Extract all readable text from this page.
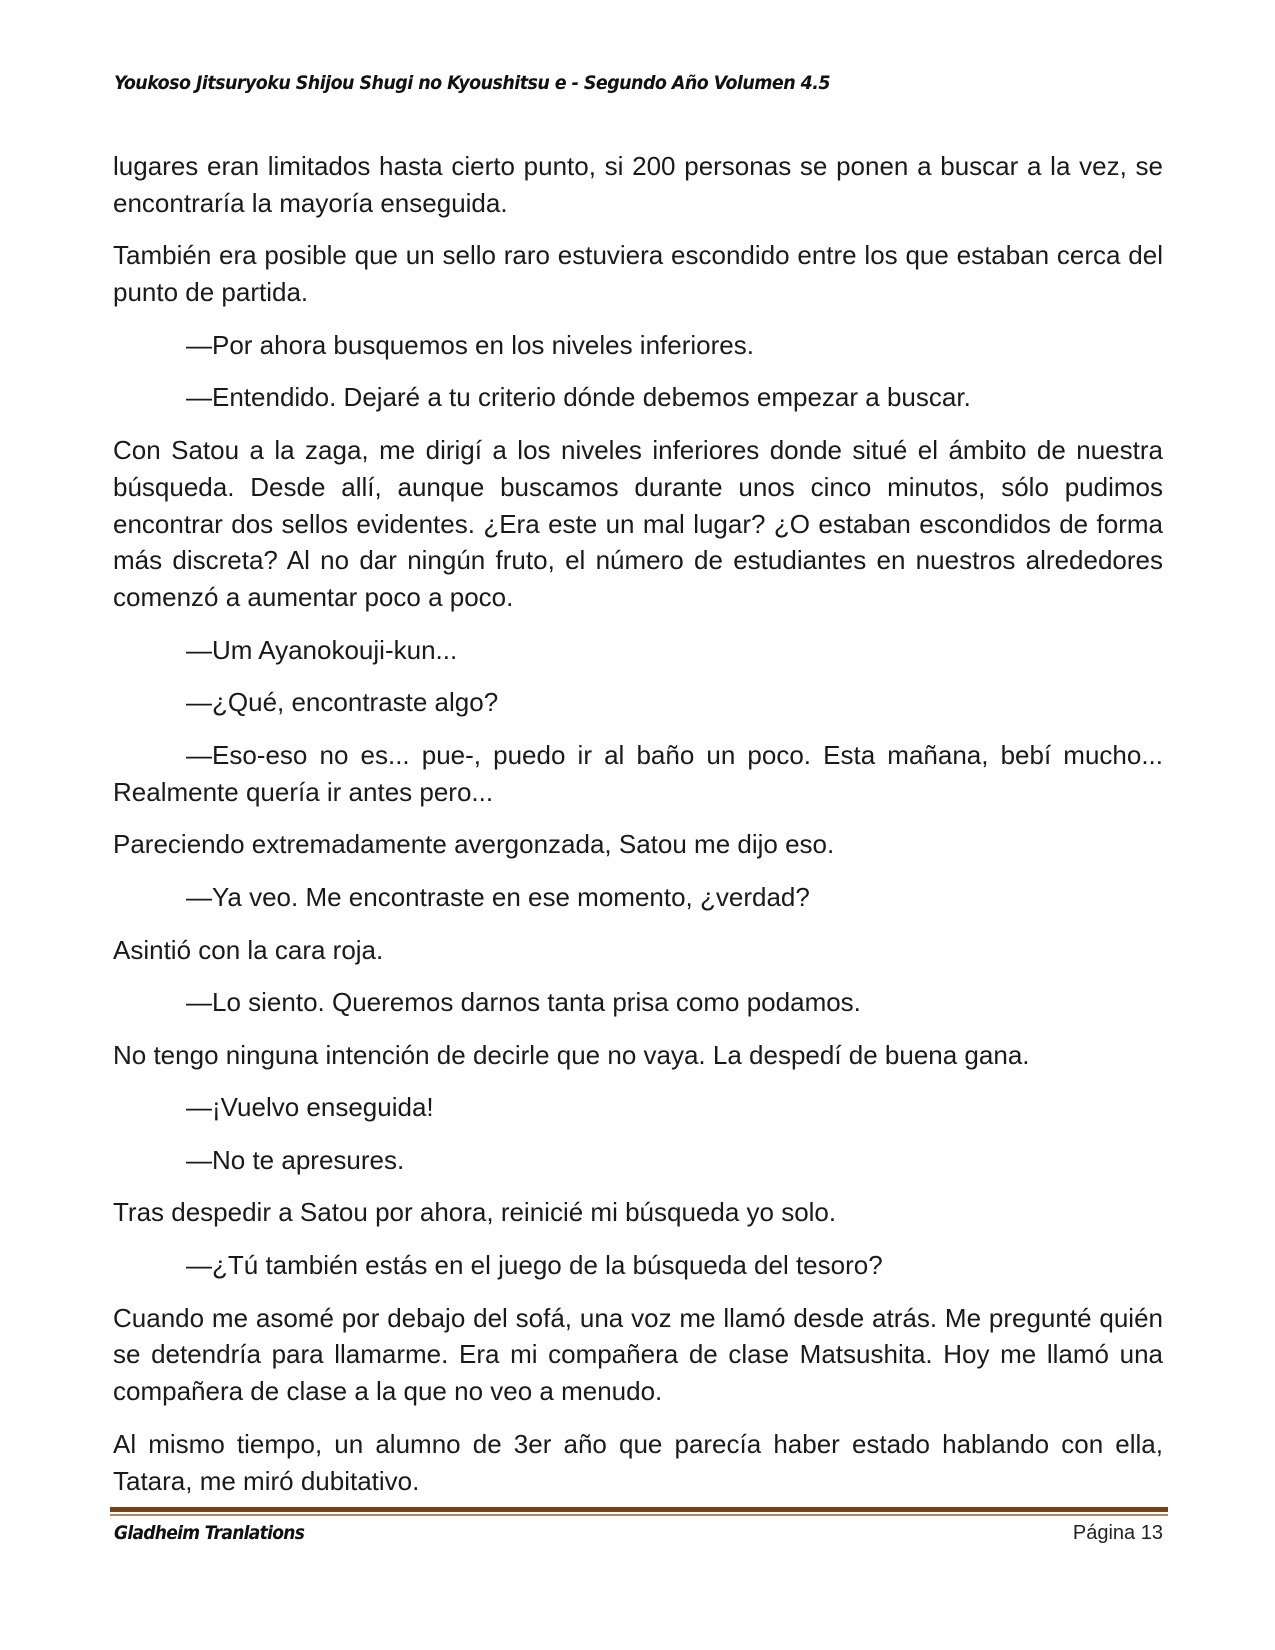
Youkoso Jitsuryoku Shijou Shugi no Kyoushitsu e - Segundo Año Volumen 4.5

lugares eran limitados hasta cierto punto, si 200 personas se ponen a buscar a la vez, se encontraría la mayoría enseguida.

También era posible que un sello raro estuviera escondido entre los que estaban cerca del punto de partida.

—Por ahora busquemos en los niveles inferiores.

—Entendido. Dejaré a tu criterio dónde debemos empezar a buscar.

Con Satou a la zaga, me dirigí a los niveles inferiores donde situé el ámbito de nuestra búsqueda. Desde allí, aunque buscamos durante unos cinco minutos, sólo pudimos encontrar dos sellos evidentes. ¿Era este un mal lugar? ¿O estaban escondidos de forma más discreta? Al no dar ningún fruto, el número de estudiantes en nuestros alrededores comenzó a aumentar poco a poco.

—Um Ayanokouji-kun...

—¿Qué, encontraste algo?

—Eso-eso no es... pue-, puedo ir al baño un poco. Esta mañana, bebí mucho... Realmente quería ir antes pero...

Pareciendo extremadamente avergonzada, Satou me dijo eso.

—Ya veo. Me encontraste en ese momento, ¿verdad?

Asintió con la cara roja.

—Lo siento. Queremos darnos tanta prisa como podamos.

No tengo ninguna intención de decirle que no vaya. La despedí de buena gana.

—¡Vuelvo enseguida!

—No te apresures.

Tras despedir a Satou por ahora, reinicié mi búsqueda yo solo.

—¿Tú también estás en el juego de la búsqueda del tesoro?

Cuando me asomé por debajo del sofá, una voz me llamó desde atrás. Me pregunté quién se detendría para llamarme. Era mi compañera de clase Matsushita. Hoy me llamó una compañera de clase a la que no veo a menudo.

Al mismo tiempo, un alumno de 3er año que parecía haber estado hablando con ella, Tatara, me miró dubitativo.

Gladheim Tranlations	Página 13
